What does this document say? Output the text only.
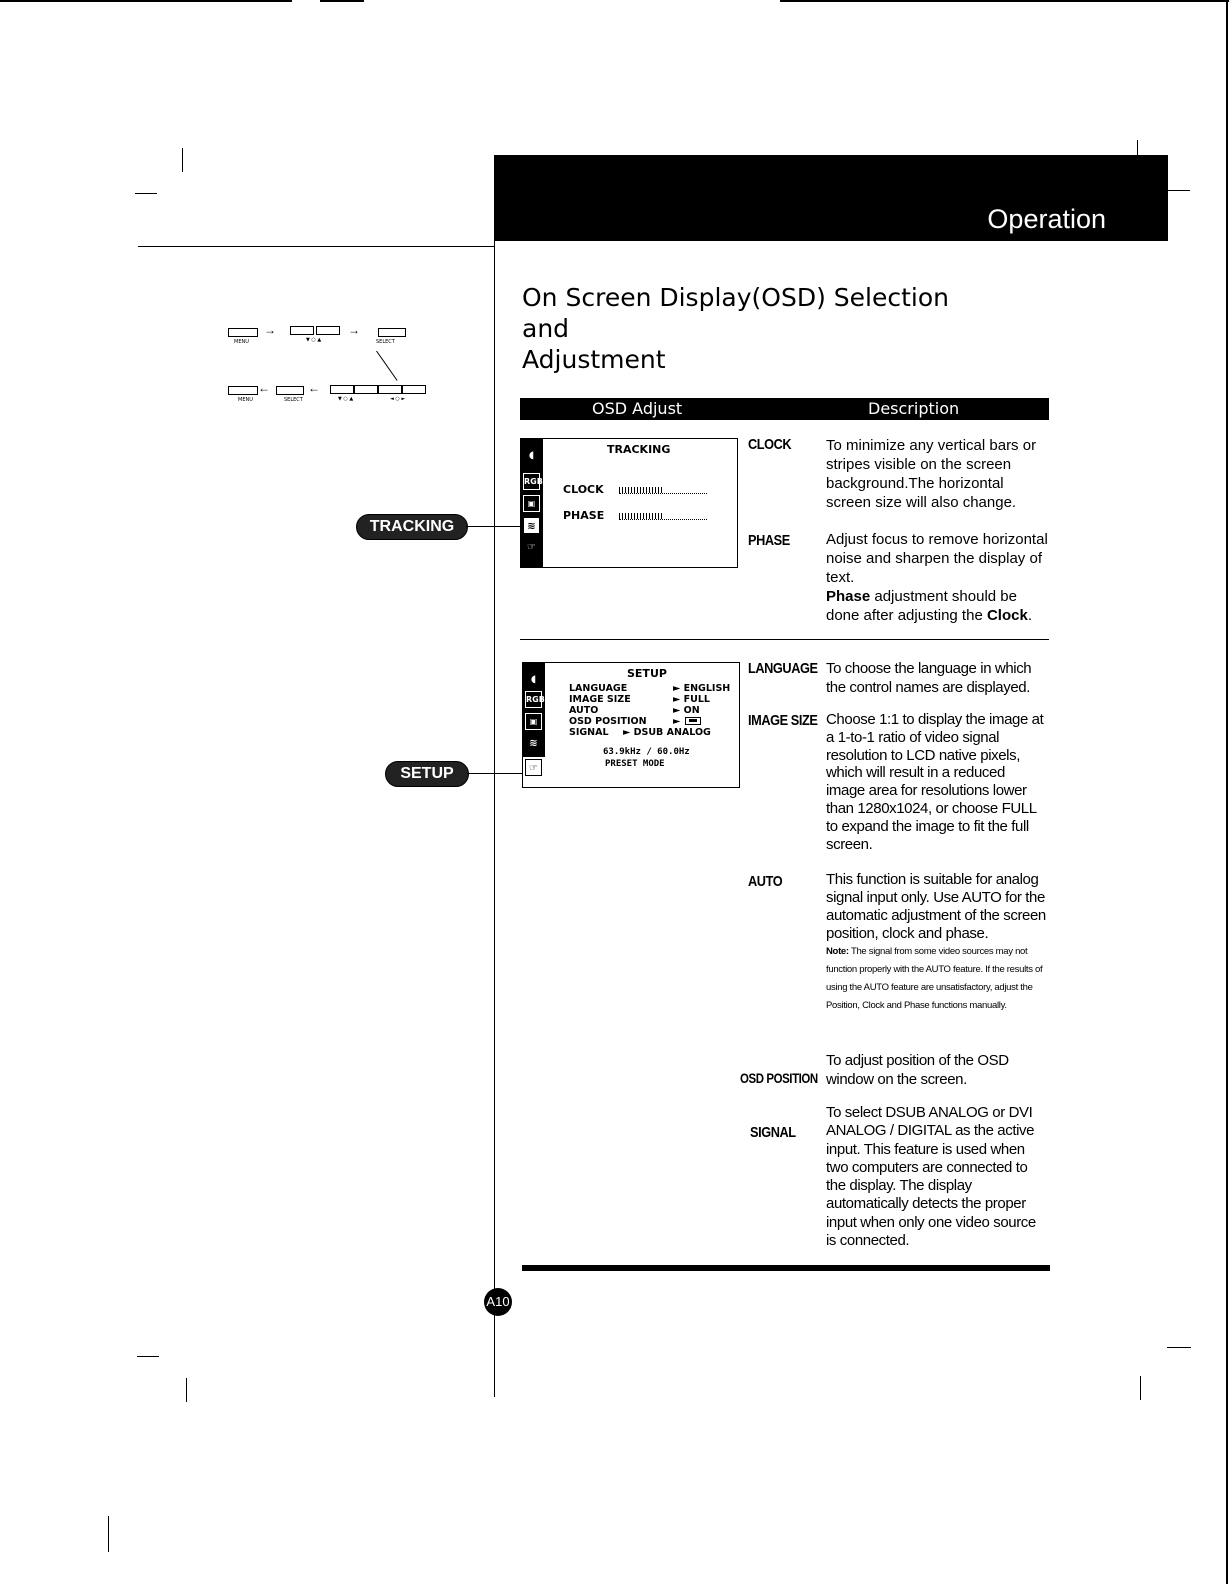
Operation
On Screen Display(OSD) Selection and
Adjustment
MENU
→
▼ ○ ▲
→
SELECT
MENU
←
SELECT
←
▼ ○ ▲	◄ ○ ►	OSD Adjust	Description
TRACKING
◖
RGB
▣
≋
☞
TRACKING
CLOCK
PHASE
CLOCK To minimize any vertical bars or stripes visible on the screen background.The horizontal screen size will also change.
PHASE Adjust focus to remove horizontal noise and sharpen the display of text.
Phase adjustment should be done after adjusting the Clock.
SETUP
◖
RGB
▣
≋
☞
SETUP
LANGUAGE	► ENGLISH
IMAGE SIZE	► FULL
AUTO	► ON
OSD POSITION	►
SIGNAL ► DSUB ANALOG
63.9kHz / 60.0Hz
PRESET MODE
LANGUAGE To choose the language in which the control names are displayed.
IMAGE SIZE Choose 1:1 to display the image at a 1-to-1 ratio of video signal resolution to LCD native pixels, which will result in a reduced image area for resolutions lower than 1280x1024, or choose FULL to expand the image to fit the full screen.
AUTO	This function is suitable for analog signal input only. Use AUTO for the automatic adjustment of the screen position, clock and phase.
Note: The signal from some video sources may not function properly with the AUTO feature. If the results of using the AUTO feature are unsatisfactory, adjust the Position, Clock and Phase functions manually.
OSD POSITION
To adjust position of the OSD window on the screen.
SIGNAL
To select DSUB ANALOG or DVI ANALOG / DIGITAL as the active input. This feature is used when two computers are connected to the display. The display automatically detects the proper input when only one video source is connected.
A10
